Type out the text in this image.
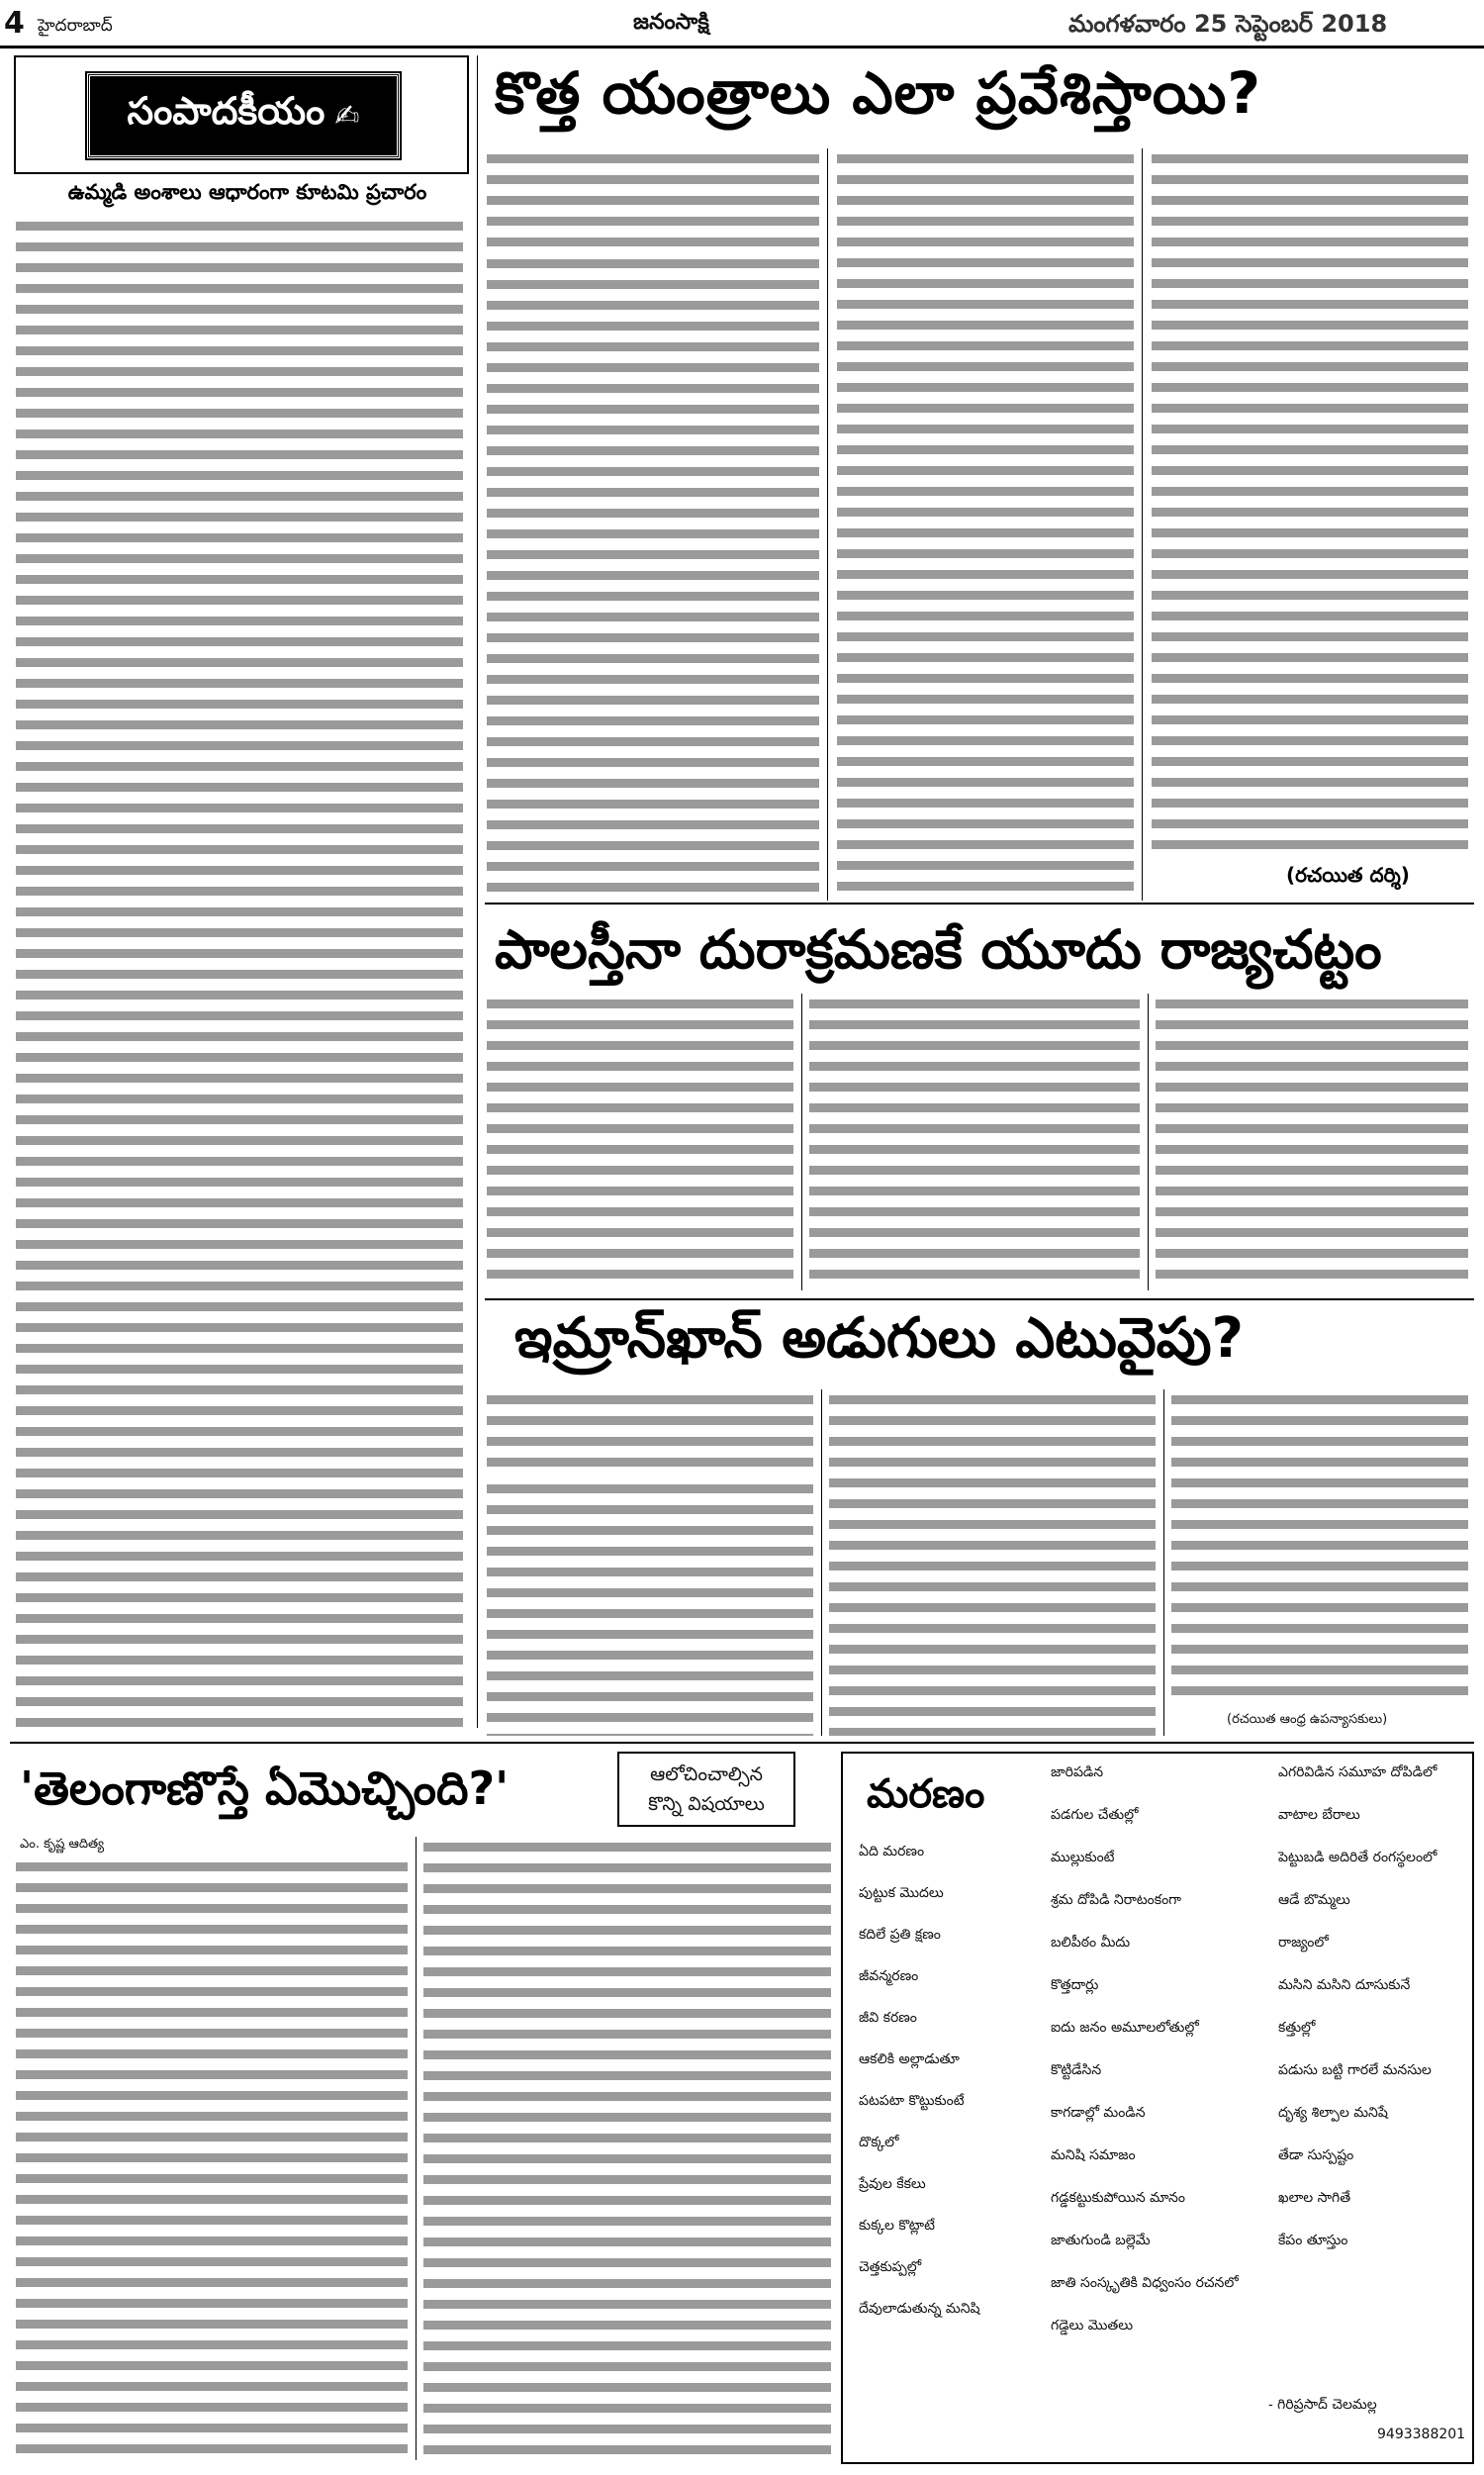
4 హైదరాబాద్	జనంసాక్షి	మంగళవారం 25 సెప్టెంబర్ 2018
సంపాదకీయం ✍
ఉమ్మడి అంశాలు ఆధారంగా కూటమి ప్రచారం
కొత్త యంత్రాలు ఎలా ప్రవేశిస్తాయి?
(రచయిత దర్శి)
పాలస్తీనా దురాక్రమణకే యూదు రాజ్యచట్టం
ఇమ్రాన్‌ఖాన్ అడుగులు ఎటువైపు?
(రచయిత ఆంధ్ర ఉపన్యాసకులు)
'తెలంగాణొస్తే ఏమొచ్చింది?'	ఆలోచించాల్సిన
కొన్ని విషయాలు
ఎం. కృష్ణ ఆదిత్య
మరణం
ఏది మరణం
పుట్టుక మొదలు
కదిలే ప్రతి క్షణం
జీవన్మరణం
జీవి కరణం
ఆకలికి అల్లాడుతూ
పటపటా కొట్టుకుంటే
దొక్కలో
ప్రేవుల కేకలు
కుక్కల కొట్లాటే
చెత్తకుప్పల్లో
దేవులాడుతున్న మనిషి
జారిపడిన
పడగుల చేతుల్లో
ముల్లుకుంటే
శ్రమ దోపిడి నిరాటంకంగా
బలిపీఠం మీదు
కొత్తదార్లు
ఐదు జనం అమూలలోతుల్లో
కొట్టిడేసిన
కాగడాల్లో మండిన
మనిషి సమాజం
గడ్డకట్టుకుపోయిన మానం
జాతుగుండి బల్లెమే
జాతి సంస్కృతికి విధ్వంసం రచనలో
గడ్డెలు మొతలు
ఎగరివిడిన సమూహ దోపిడిలో
వాటాల బేరాలు
పెట్టుబడి అదిరితే రంగస్థలంలో
ఆడే బొమ్మలు
రాజ్యంలో
మసిని మసిని దూసుకునే
కత్తుల్లో
పడుసు బట్టి గారలే మనసుల
దృశ్య శిల్పాల మనిషే
తేడా సుస్పష్టం
ఖలాల సాగితే
కేపం తూస్తుం
- గిరిప్రసాద్ చెలమల్ల
9493388201
